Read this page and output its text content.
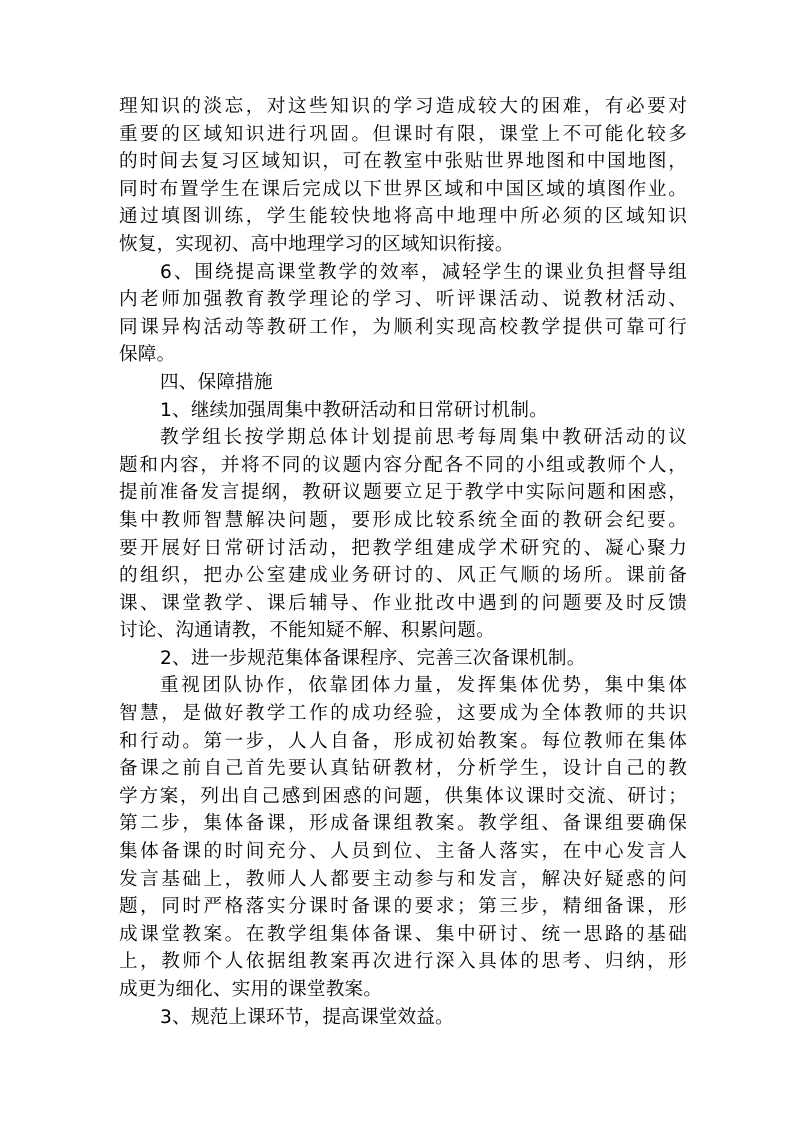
理知识的淡忘，对这些知识的学习造成较大的困难，有必要对
重要的区域知识进行巩固。但课时有限，课堂上不可能化较多
的时间去复习区域知识，可在教室中张贴世界地图和中国地图，
同时布置学生在课后完成以下世界区域和中国区域的填图作业。
通过填图训练，学生能较快地将高中地理中所必须的区域知识
恢复，实现初、高中地理学习的区域知识衔接。
6、围绕提高课堂教学的效率，减轻学生的课业负担督导组
内老师加强教育教学理论的学习、听评课活动、说教材活动、
同课异构活动等教研工作，为顺利实现高校教学提供可靠可行
保障。
四、保障措施
1、继续加强周集中教研活动和日常研讨机制。
教学组长按学期总体计划提前思考每周集中教研活动的议
题和内容，并将不同的议题内容分配各不同的小组或教师个人，
提前准备发言提纲，教研议题要立足于教学中实际问题和困惑，
集中教师智慧解决问题，要形成比较系统全面的教研会纪要。
要开展好日常研讨活动，把教学组建成学术研究的、凝心聚力
的组织，把办公室建成业务研讨的、风正气顺的场所。课前备
课、课堂教学、课后辅导、作业批改中遇到的问题要及时反馈
讨论、沟通请教，不能知疑不解、积累问题。
2、进一步规范集体备课程序、完善三次备课机制。
重视团队协作，依靠团体力量，发挥集体优势，集中集体
智慧，是做好教学工作的成功经验，这要成为全体教师的共识
和行动。第一步，人人自备，形成初始教案。每位教师在集体
备课之前自己首先要认真钻研教材，分析学生，设计自己的教
学方案，列出自己感到困惑的问题，供集体议课时交流、研讨；
第二步，集体备课，形成备课组教案。教学组、备课组要确保
集体备课的时间充分、人员到位、主备人落实，在中心发言人
发言基础上，教师人人都要主动参与和发言，解决好疑惑的问
题，同时严格落实分课时备课的要求；第三步，精细备课，形
成课堂教案。在教学组集体备课、集中研讨、统一思路的基础
上，教师个人依据组教案再次进行深入具体的思考、归纳，形
成更为细化、实用的课堂教案。
3、规范上课环节，提高课堂效益。
